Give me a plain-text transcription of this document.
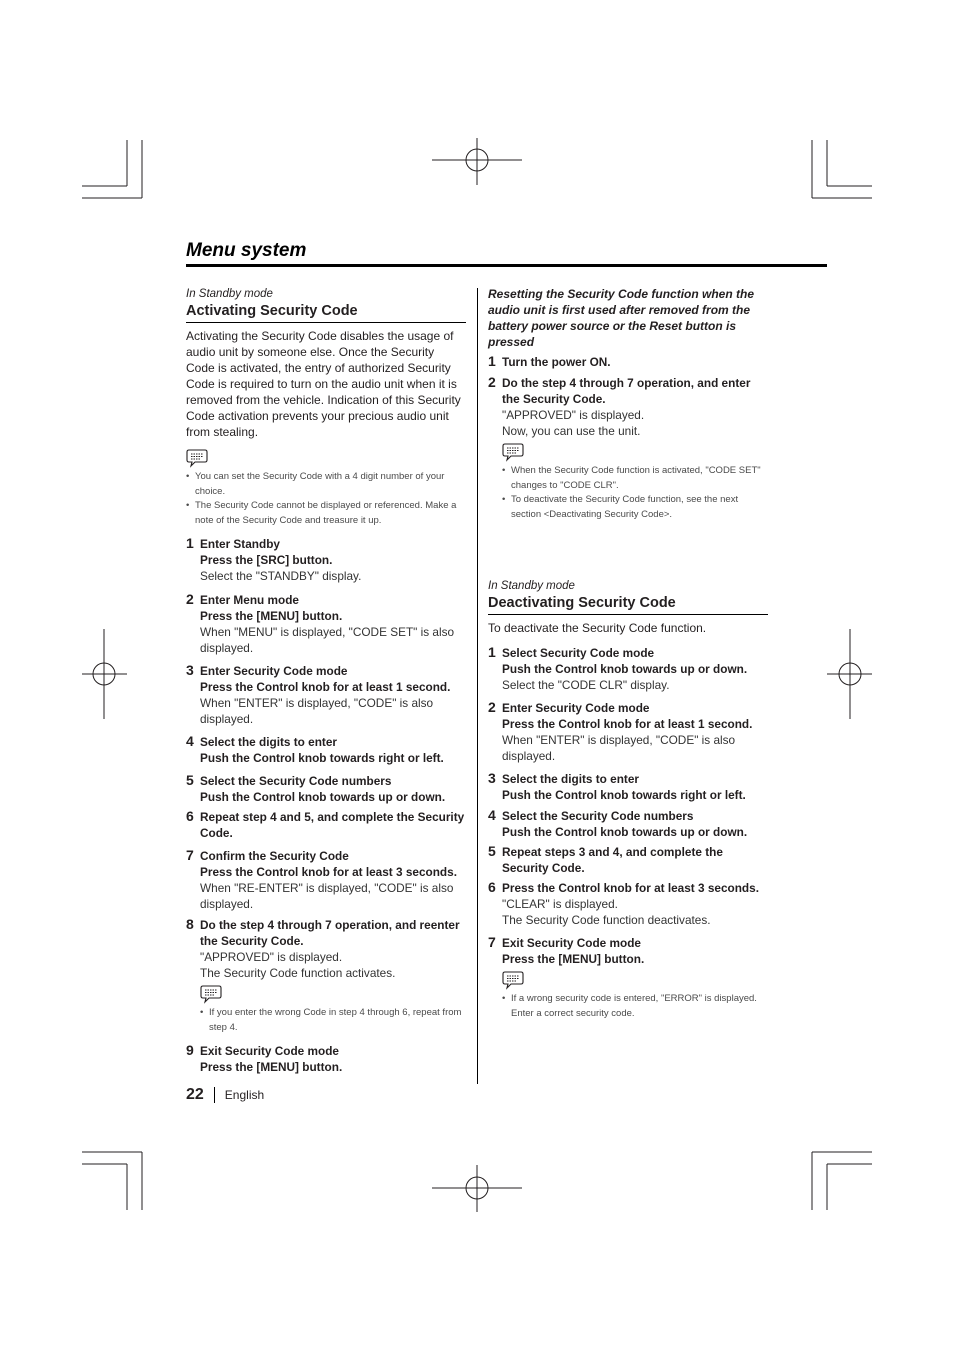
Menu system
In Standby mode
Activating Security Code
Activating the Security Code disables the usage of audio unit by someone else. Once the Security Code is activated, the entry of authorized Security Code is required to turn on the audio unit when it is removed from the vehicle. Indication of this Security Code activation prevents your precious audio unit from stealing.
• You can set the Security Code with a 4 digit number of your choice.
• The Security Code cannot be displayed or referenced. Make a note of the Security Code and treasure it up.
1 Enter Standby
Press the [SRC] button.
Select the "STANDBY" display.
2 Enter Menu mode
Press the [MENU] button.
When "MENU" is displayed, "CODE SET" is also displayed.
3 Enter Security Code mode
Press the Control knob for at least 1 second.
When "ENTER" is displayed, "CODE" is also displayed.
4 Select the digits to enter
Push the Control knob towards right or left.
5 Select the Security Code numbers
Push the Control knob towards up or down.
6 Repeat step 4 and 5, and complete the Security Code.
7 Confirm the Security Code
Press the Control knob for at least 3 seconds.
When "RE-ENTER" is displayed, "CODE" is also displayed.
8 Do the step 4 through 7 operation, and reenter the Security Code.
"APPROVED" is displayed.
The Security Code function activates.
• If you enter the wrong Code in step 4 through 6, repeat from step 4.
9 Exit Security Code mode
Press the [MENU] button.
Resetting the Security Code function when the audio unit is first used after removed from the battery power source or the Reset button is pressed
1 Turn the power ON.
2 Do the step 4 through 7 operation, and enter the Security Code.
"APPROVED" is displayed.
Now, you can use the unit.
• When the Security Code function is activated, "CODE SET" changes to "CODE CLR".
• To deactivate the Security Code function, see the next section <Deactivating Security Code>.
In Standby mode
Deactivating Security Code
To deactivate the Security Code function.
1 Select Security Code mode
Push the Control knob towards up or down.
Select the "CODE CLR" display.
2 Enter Security Code mode
Press the Control knob for at least 1 second.
When "ENTER" is displayed, "CODE" is also displayed.
3 Select the digits to enter
Push the Control knob towards right or left.
4 Select the Security Code numbers
Push the Control knob towards up or down.
5 Repeat steps 3 and 4, and complete the Security Code.
6 Press the Control knob for at least 3 seconds.
"CLEAR" is displayed.
The Security Code function deactivates.
7 Exit Security Code mode
Press the [MENU] button.
• If a wrong security code is entered, "ERROR" is displayed. Enter a correct security code.
22 English
